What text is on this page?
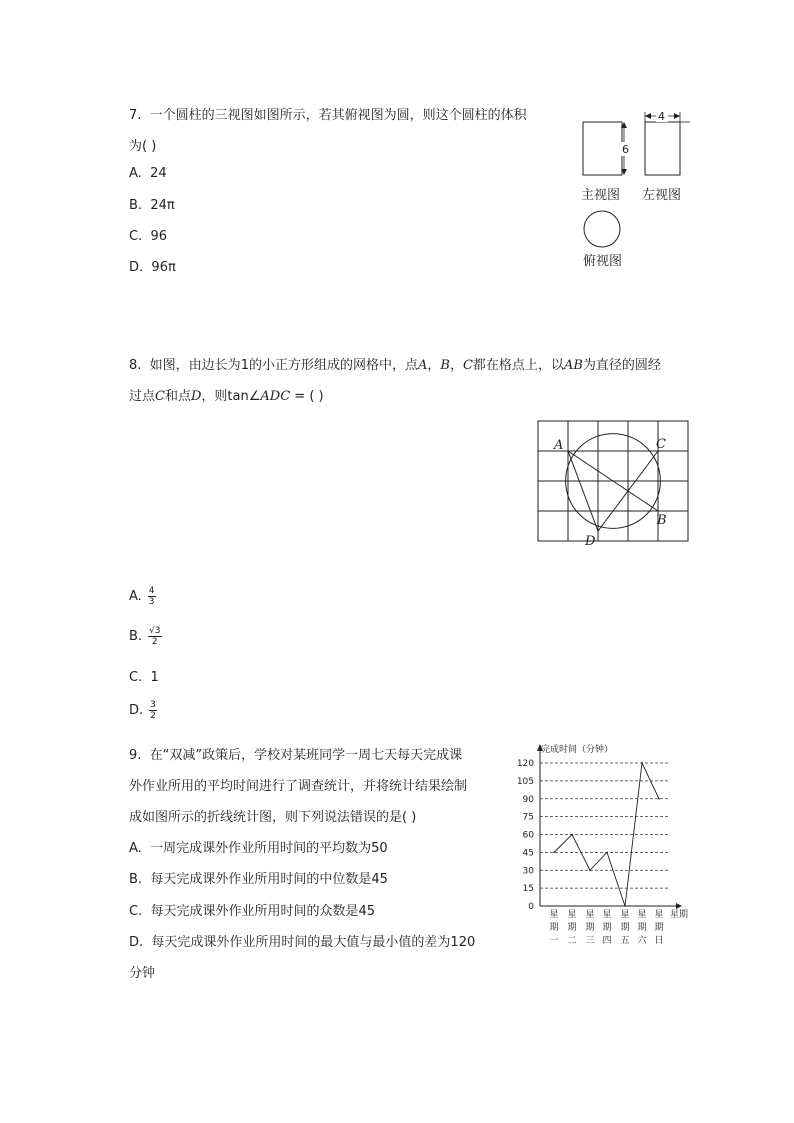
7. 一个圆柱的三视图如图所示，若其俯视图为圆，则这个圆柱的体积
为( )
A. 24
B. 24π
C. 96
D. 96π
6
4
主视图 左视图
俯视图
8. 如图，由边长为1的小正方形组成的网格中，点A，B，C都在格点上，以AB为直径的圆经
过点C和点D，则tan∠ADC = ( )
A	C
B
D
A. $\frac{4}{3}$
B. $\frac{√3}{2}$
C. 1
D. $\frac{3}{2}$
9. 在“双减”政策后，学校对某班同学一周七天每天完成课
外作业所用的平均时间进行了调查统计，并将统计结果绘制
成如图所示的折线统计图，则下列说法错误的是( )
A. 一周完成课外作业所用时间的平均数为50
B. 每天完成课外作业所用时间的中位数是45
C. 每天完成课外作业所用时间的众数是45
D. 每天完成课外作业所用时间的最大值与最小值的差为120
分钟
0
15
30
45
60
75
90
105
120
完成时间（分钟）
星期
星
期
一
星
期
二
星
期
三
星
期
四
星
期
五
星
期
六
星
期
日
